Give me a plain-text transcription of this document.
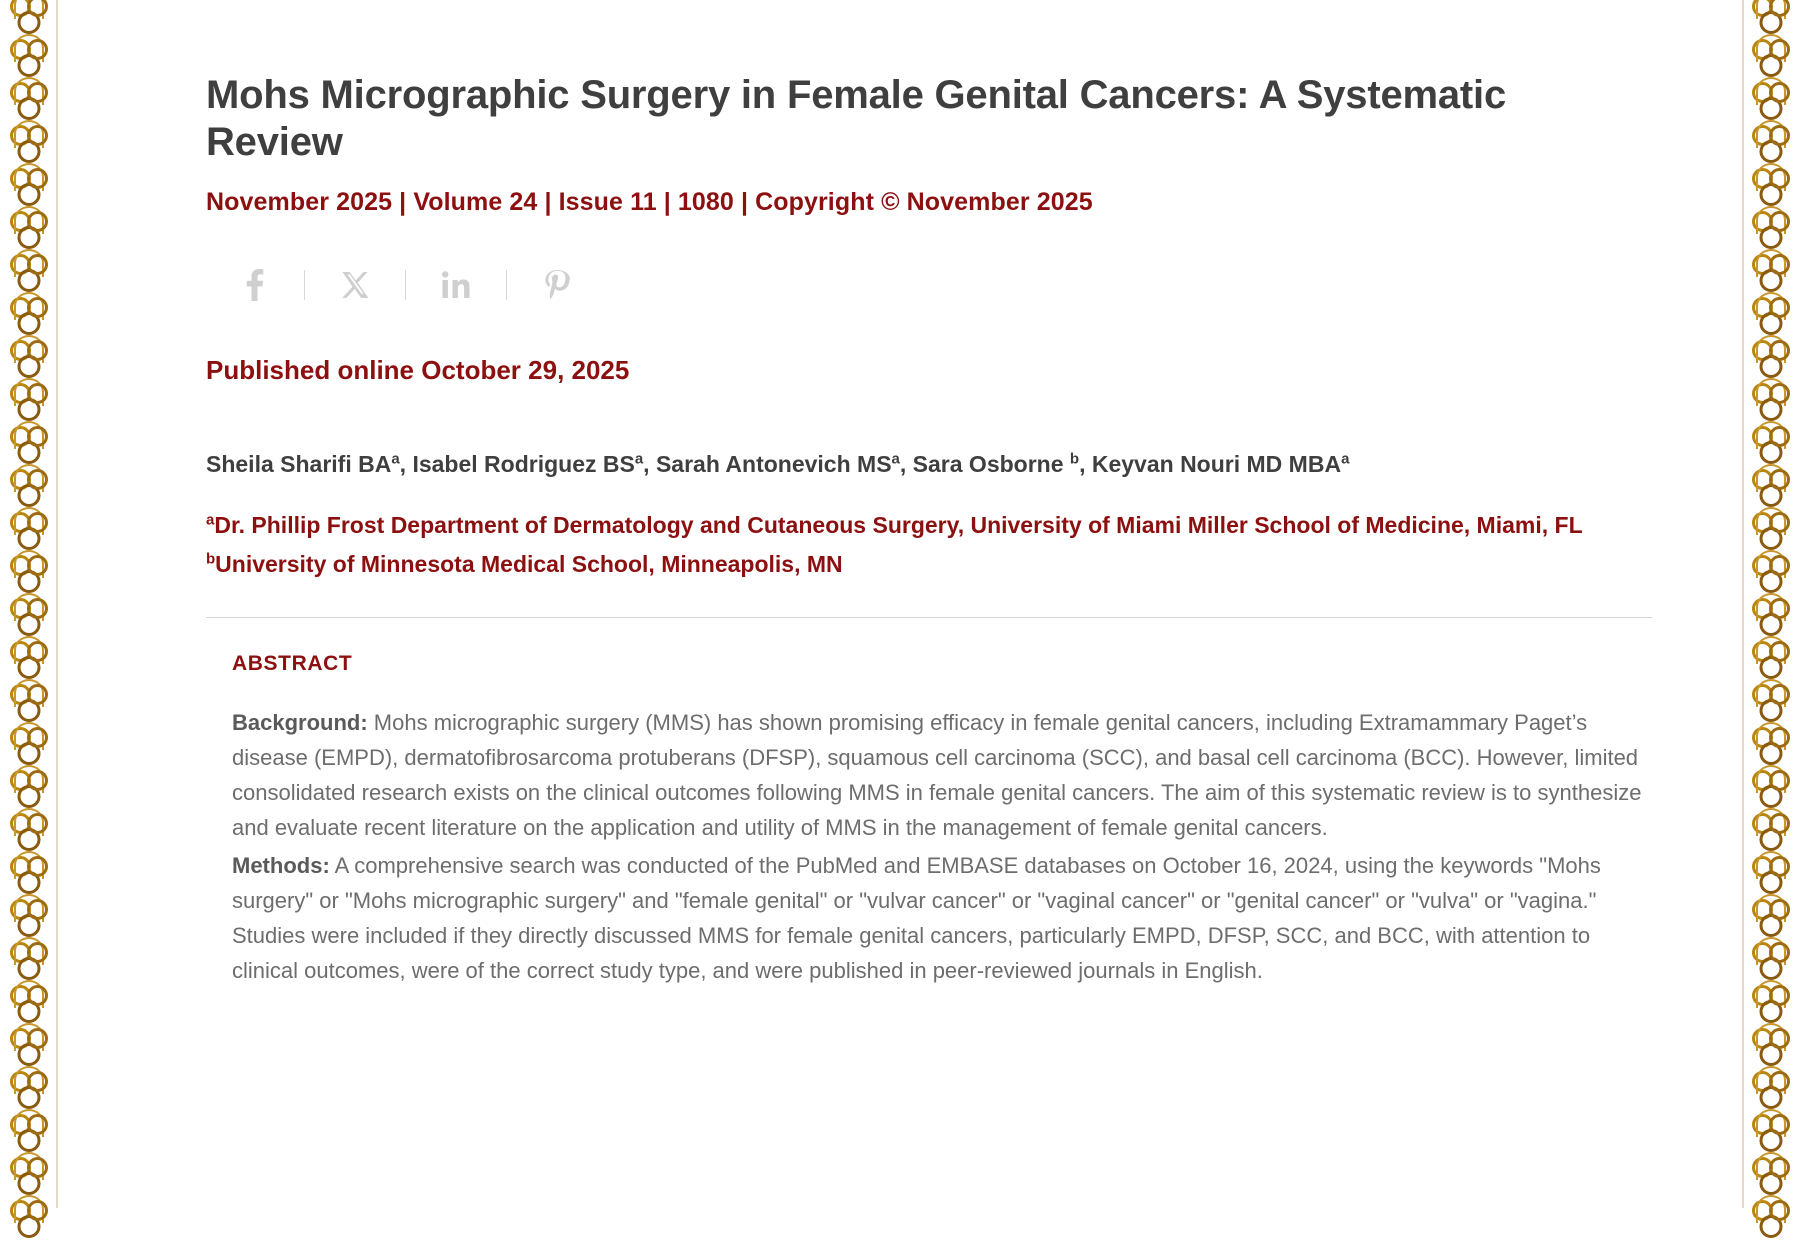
Mohs Micrographic Surgery in Female Genital Cancers: A Systematic Review
November 2025 | Volume 24 | Issue 11 | 1080 | Copyright © November 2025
Published online October 29, 2025
Sheila Sharifi $BA^a$, Isabel Rodriguez $BS^a$, Sarah Antonevich $MS^a$, Sara Osborne $^b$, Keyvan Nouri MD MBA$^a$
$^a$Dr. Phillip Frost Department of Dermatology and Cutaneous Surgery, University of Miami Miller School of Medicine, Miami, FL
$^b$University of Minnesota Medical School, Minneapolis, MN
ABSTRACT

Background: Mohs micrographic surgery (MMS) has shown promising efficacy in female genital cancers, including Extramammary Paget’s disease (EMPD), dermatofibrosarcoma protuberans (DFSP), squamous cell carcinoma (SCC), and basal cell carcinoma (BCC). However, limited consolidated research exists on the clinical outcomes following MMS in female genital cancers. The aim of this systematic review is to synthesize and evaluate recent literature on the application and utility of MMS in the management of female genital cancers.

Methods: A comprehensive search was conducted of the PubMed and EMBASE databases on October 16, 2024, using the keywords "Mohs surgery" or "Mohs micrographic surgery" and "female genital" or "vulvar cancer" or "vaginal cancer" or "genital cancer" or "vulva" or "vagina." Studies were included if they directly discussed MMS for female genital cancers, particularly EMPD, DFSP, SCC, and BCC, with attention to clinical outcomes, were of the correct study type, and were published in peer-reviewed journals in English.
